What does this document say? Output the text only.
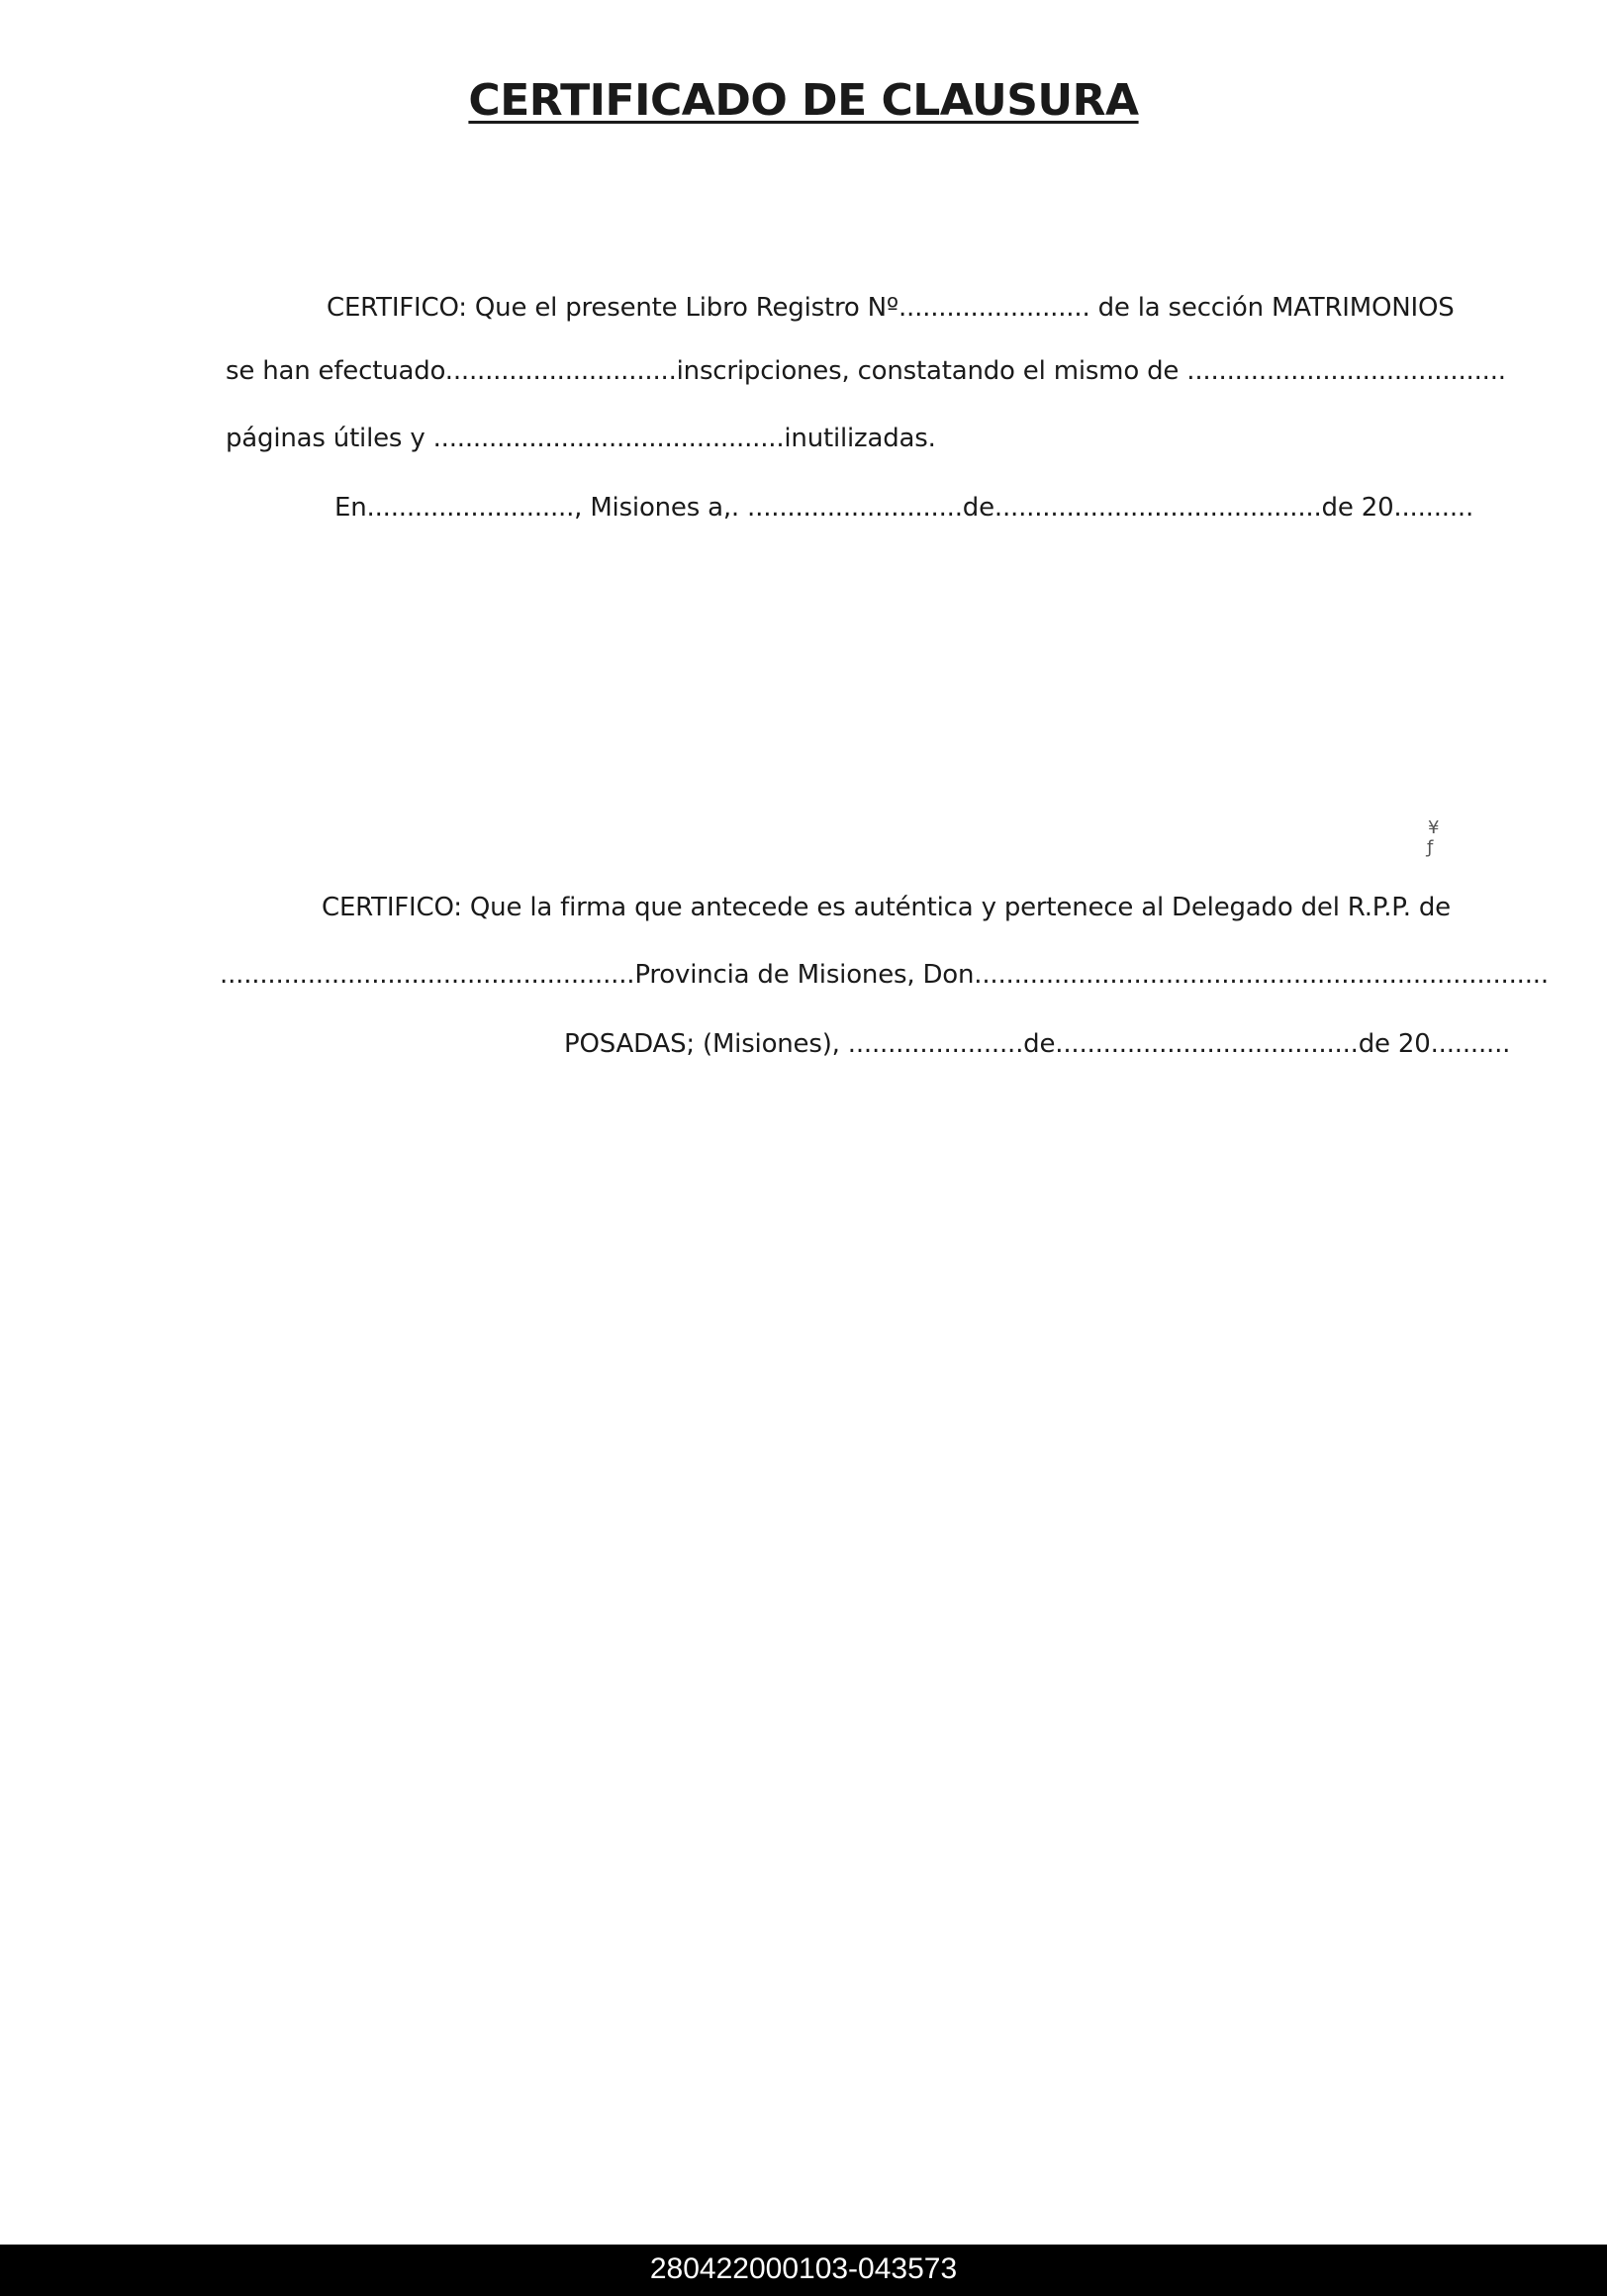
CERTIFICADO DE CLAUSURA
CERTIFICO: Que el presente Libro Registro Nº........................ de la sección MATRIMONIOS
se han efectuado.............................inscripciones, constatando el mismo de ........................................
páginas útiles y ............................................inutilizadas.
En.........................., Misiones a,. ...........................de.........................................de 20..........
¥
ƒ
CERTIFICO: Que la firma que antecede es auténtica y pertenece al Delegado del R.P.P. de
....................................................Provincia de Misiones, Don........................................................................
POSADAS; (Misiones), ......................de......................................de 20..........
280422000103-043573
